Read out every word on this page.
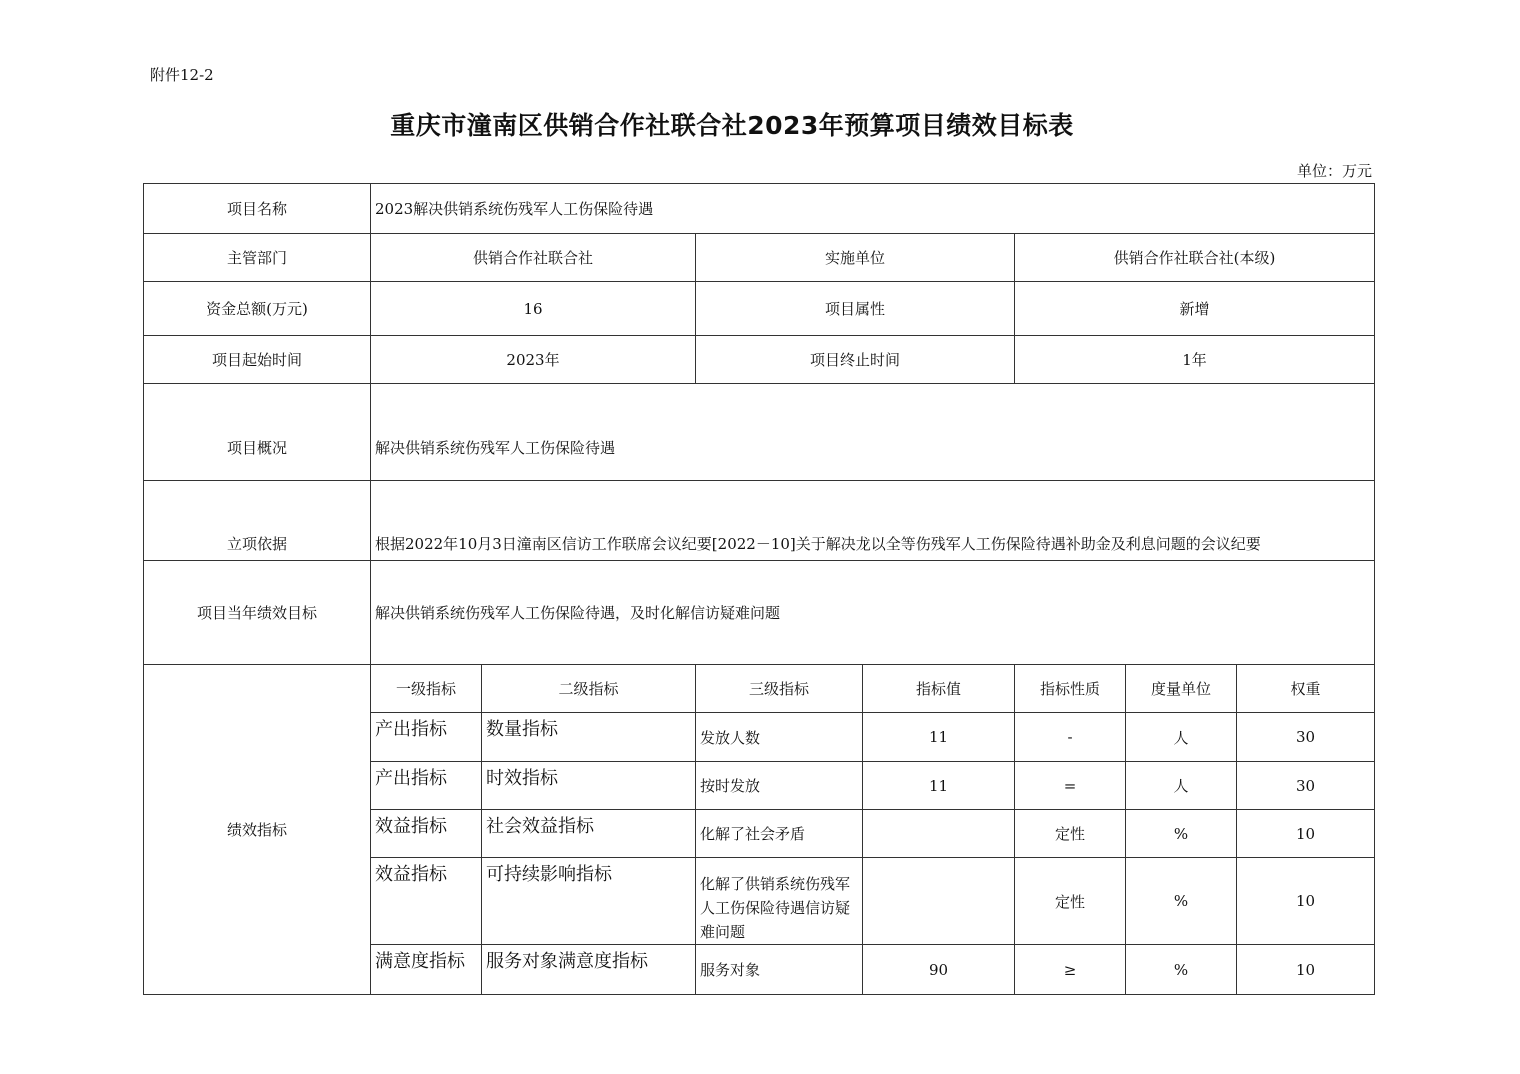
附件12-2
重庆市潼南区供销合作社联合社2023年预算项目绩效目标表
单位：万元
项目名称	2023解决供销系统伤残军人工伤保险待遇						
主管部门	供销合作社联合社		实施单位		供销合作社联合社(本级)		
资金总额(万元)	16		项目属性		新增		
项目起始时间	2023年		项目终止时间		1年		
项目概况	解决供销系统伤残军人工伤保险待遇						
立项依据	根据2022年10月3日潼南区信访工作联席会议纪要[2022－10]关于解决龙以全等伤残军人工伤保险待遇补助金及利息问题的会议纪要						
项目当年绩效目标	解决供销系统伤残军人工伤保险待遇，及时化解信访疑难问题						
绩效指标	一级指标	二级指标	三级指标	指标值	指标性质	度量单位	权重
	产出指标	数量指标	发放人数	11	-	人	30
	产出指标	时效指标	按时发放	11	=	人	30
	效益指标	社会效益指标	化解了社会矛盾		定性	%	10
	效益指标	可持续影响指标	化解了供销系统伤残军人工伤保险待遇信访疑难问题		定性	%	10
	满意度指标	服务对象满意度指标	服务对象	90	≥	%	10
